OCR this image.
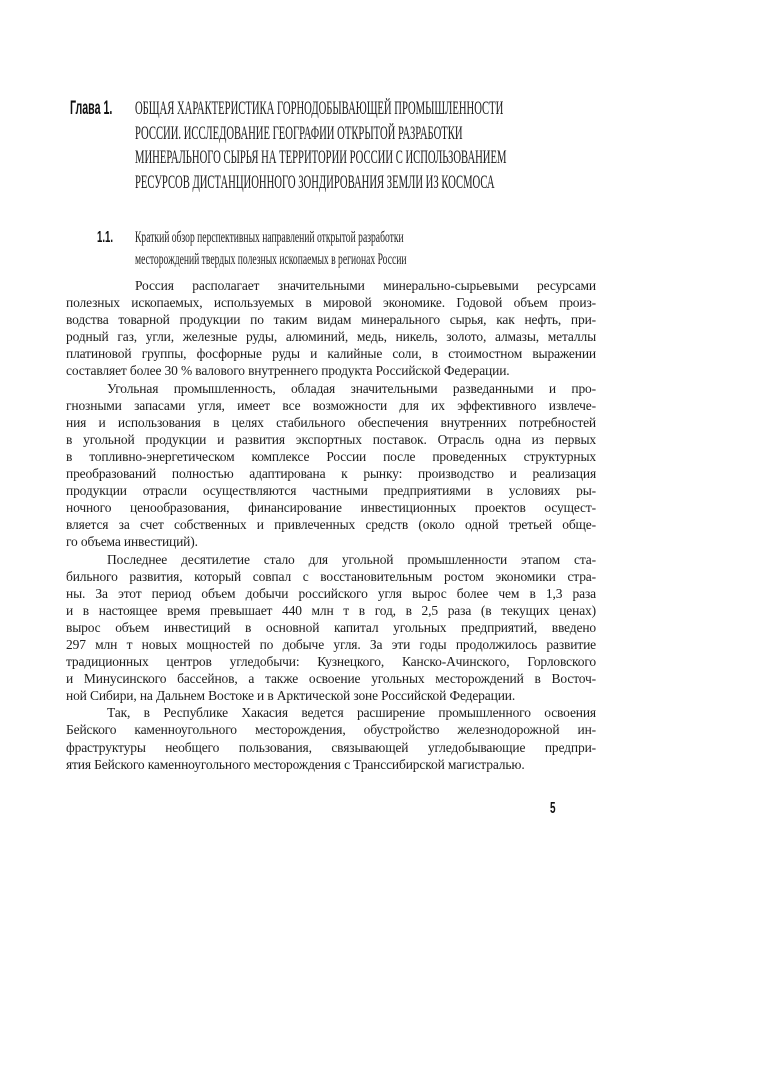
Глава 1. ОБЩАЯ ХАРАКТЕРИСТИКА ГОРНОДОБЫВАЮЩЕЙ ПРОМЫШЛЕННОСТИ
РОССИИ. ИССЛЕДОВАНИЕ ГЕОГРАФИИ ОТКРЫТОЙ РАЗРАБОТКИ
МИНЕРАЛЬНОГО СЫРЬЯ НА ТЕРРИТОРИИ РОССИИ С ИСПОЛЬЗОВАНИЕМ
РЕСУРСОВ ДИСТАНЦИОННОГО ЗОНДИРОВАНИЯ ЗЕМЛИ ИЗ КОСМОСА
1.1. Краткий обзор перспективных направлений открытой разработки
месторождений твердых полезных ископаемых в регионах России
Россия располагает значительными минерально-сырьевыми ресурсами
полезных ископаемых, используемых в мировой экономике. Годовой объем произ-
водства товарной продукции по таким видам минерального сырья, как нефть, при-
родный газ, угли, железные руды, алюминий, медь, никель, золото, алмазы, металлы
платиновой группы, фосфорные руды и калийные соли, в стоимостном выражении
составляет более 30 % валового внутреннего продукта Российской Федерации.
Угольная промышленность, обладая значительными разведанными и про-
гнозными запасами угля, имеет все возможности для их эффективного извлече-
ния и использования в целях стабильного обеспечения внутренних потребностей
в угольной продукции и развития экспортных поставок. Отрасль одна из первых
в топливно-энергетическом комплексе России после проведенных структурных
преобразований полностью адаптирована к рынку: производство и реализация
продукции отрасли осуществляются частными предприятиями в условиях ры-
ночного ценообразования, финансирование инвестиционных проектов осущест-
вляется за счет собственных и привлеченных средств (около одной третьей обще-
го объема инвестиций).
Последнее десятилетие стало для угольной промышленности этапом ста-
бильного развития, который совпал с восстановительным ростом экономики стра-
ны. За этот период объем добычи российского угля вырос более чем в 1,3 раза
и в настоящее время превышает 440 млн т в год, в 2,5 раза (в текущих ценах)
вырос объем инвестиций в основной капитал угольных предприятий, введено
297 млн т новых мощностей по добыче угля. За эти годы продолжилось развитие
традиционных центров угледобычи: Кузнецкого, Канско-Ачинского, Горловского
и Минусинского бассейнов, а также освоение угольных месторождений в Восточ-
ной Сибири, на Дальнем Востоке и в Арктической зоне Российской Федерации.
Так, в Республике Хакасия ведется расширение промышленного освоения
Бейского каменноугольного месторождения, обустройство железнодорожной ин-
фраструктуры необщего пользования, связывающей угледобывающие предпри-
ятия Бейского каменноугольного месторождения с Транссибирской магистралью.
5
